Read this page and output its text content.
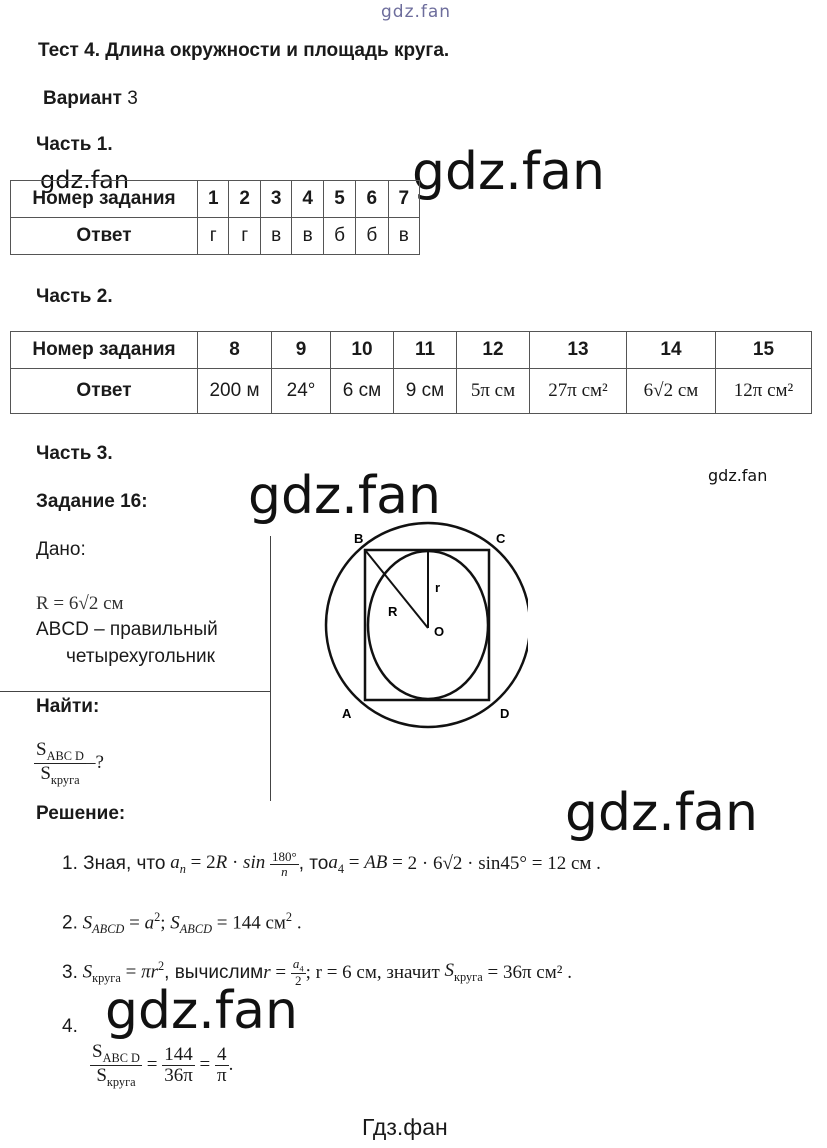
gdz.fan
gdz.fan	gdz.fan
gdz.fan	gdz.fan
gdz.fan
gdz.fan
Гдз.фан
Тест 4. Длина окружности и площадь круга.
Вариант 3
Часть 1.
Номер задания	1	2	3	4	5	6	7
Ответ	г	г	в	в	б	б	в
Часть 2.
Номер задания	8	9	10	11	12	13	14	15
Ответ	200 м	24°	6 см	9 см	5π см	27π см²	6√2 см	12π см²
Часть 3.
Задание 16:
Дано:
R = 6√2 см
ABCD – правильный
четырехугольник
Найти:
$\frac{S_{ABC D}}{S_{круга}}$ –?
B	C
A	D
O
R
r
Решение:
1. Зная, что $a_n = 2R \cdot \sin \frac{180^\circ}{n}$ , то $a_4$ = AB = 2 · 6√2 · sin45° = 12 см .
2. $S_{ABCD} = a^2$; $S_{ABCD} = 144$ $см^2$ .
3. $S_{круга} = \pi r^2$ , вычислим $r = \frac{a_4}{2}$ ; r = 6 см, значит $S_{круга} = 36\pi$ см² .
4.
$\frac{S_{ABC D}}{S_{круга}} = \frac{144}{36\pi} = \frac{4}{\pi}$ .
